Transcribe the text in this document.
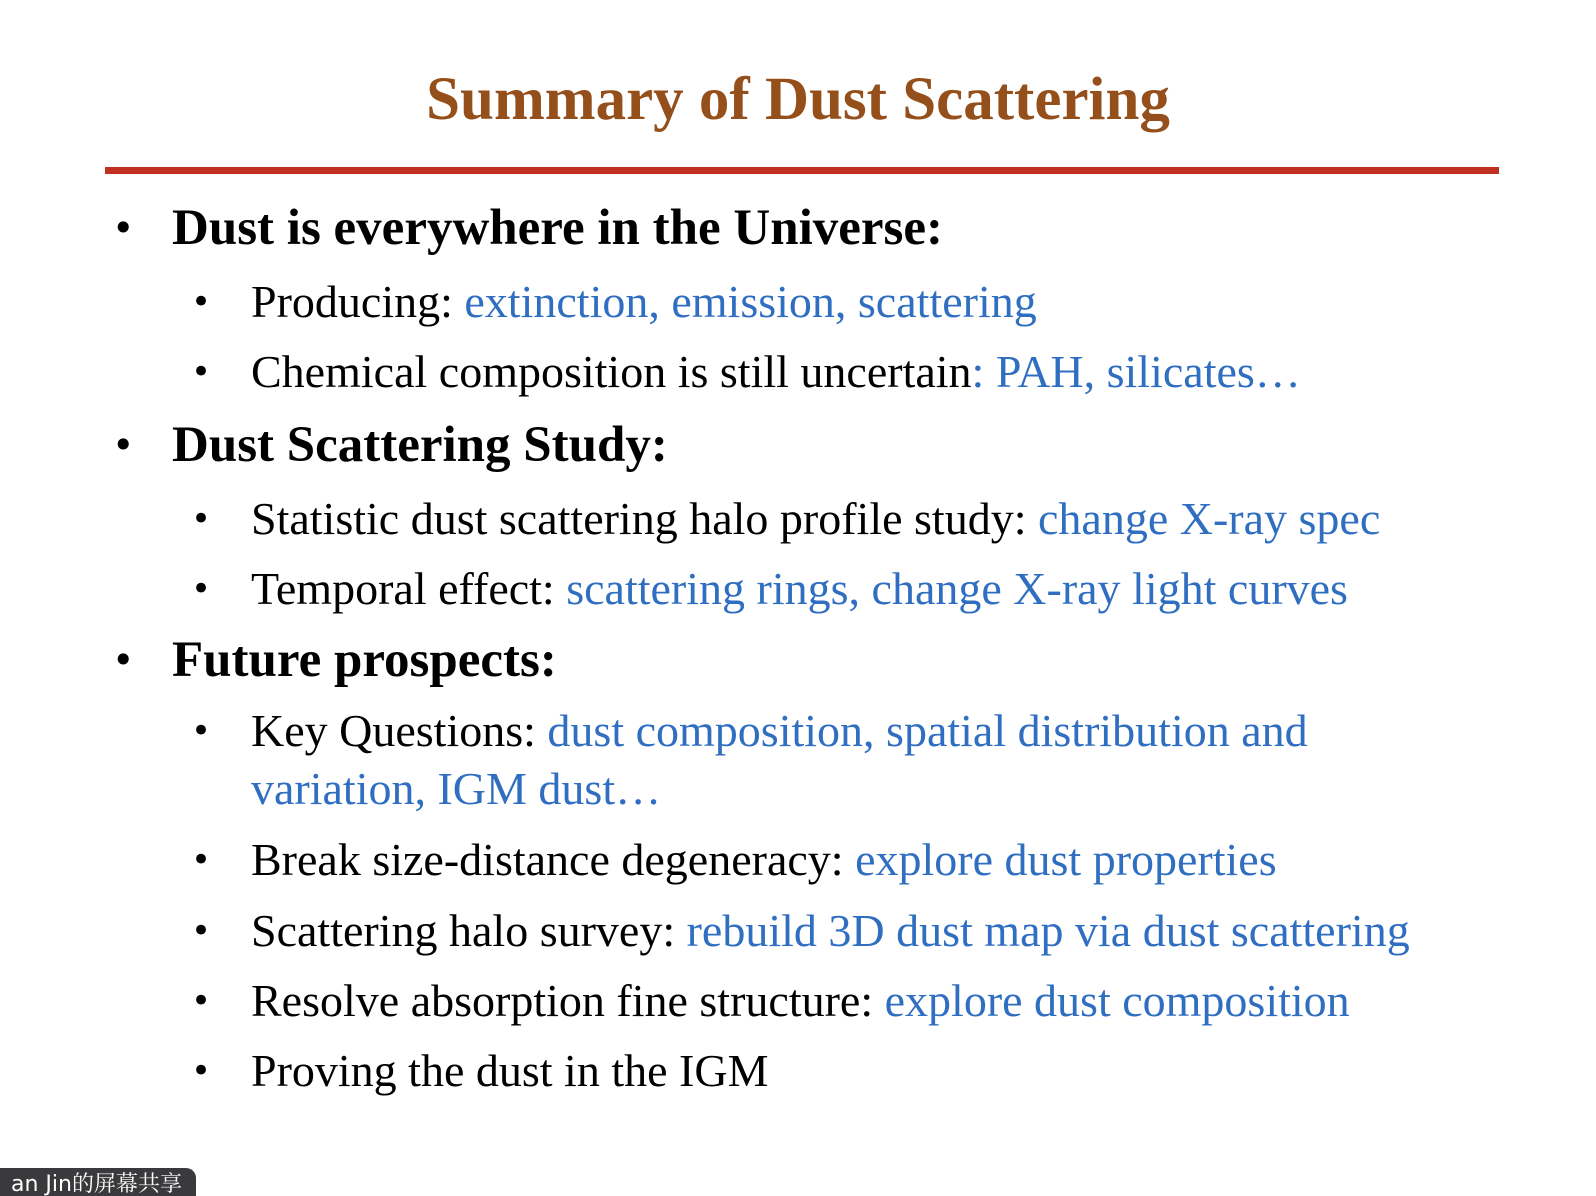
Summary of Dust Scattering
• Dust is everywhere in the Universe:
• Producing: extinction, emission, scattering
• Chemical composition is still uncertain: PAH, silicates…
• Dust Scattering Study:
• Statistic dust scattering halo profile study: change X-ray spec
• Temporal effect: scattering rings, change X-ray light curves
• Future prospects:
• Key Questions: dust composition, spatial distribution and
variation, IGM dust…
• Break size-distance degeneracy: explore dust properties
• Scattering halo survey: rebuild 3D dust map via dust scattering
• Resolve absorption fine structure: explore dust composition
• Proving the dust in the IGM
an Jin的屏幕共享
